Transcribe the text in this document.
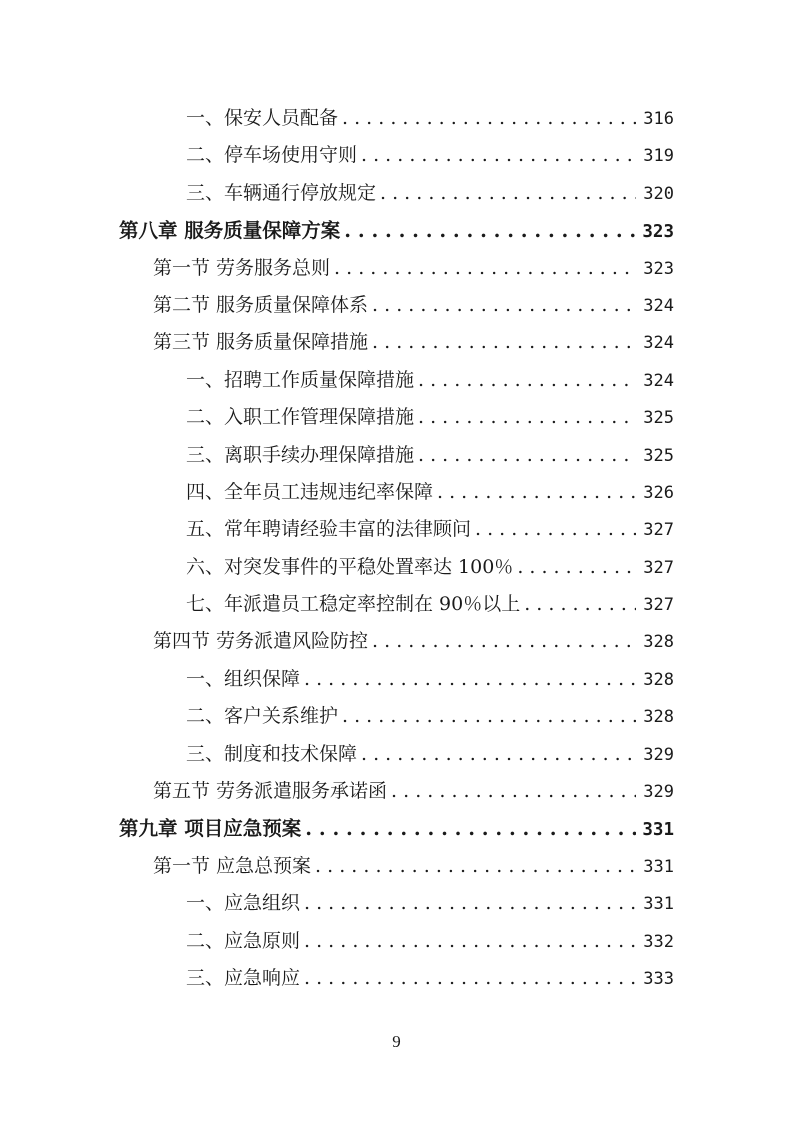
一、保安人员配备 . . .	316
二、停车场使用守则 . . .	319
三、车辆通行停放规定 . . .	320
第八章 服务质量保障方案 . . .	323
第一节 劳务服务总则 . . .	323
第二节 服务质量保障体系 . . .	324
第三节 服务质量保障措施 . . .	324
一、招聘工作质量保障措施 . . .	324
二、入职工作管理保障措施 . . .	325
三、离职手续办理保障措施 . . .	325
四、全年员工违规违纪率保障 . . .	326
五、常年聘请经验丰富的法律顾问 . . .	327
六、对突发事件的平稳处置率达 100％ . . .	327
七、年派遣员工稳定率控制在 90％以上 . . .	327
第四节 劳务派遣风险防控 . . .	328
一、组织保障 . . .	328
二、客户关系维护 . . .	328
三、制度和技术保障 . . .	329
第五节 劳务派遣服务承诺函 . . .	329
第九章 项目应急预案 . . .	331
第一节 应急总预案 . . .	331
一、应急组织 . . .	331
二、应急原则 . . .	332
三、应急响应 . . .	333
9
